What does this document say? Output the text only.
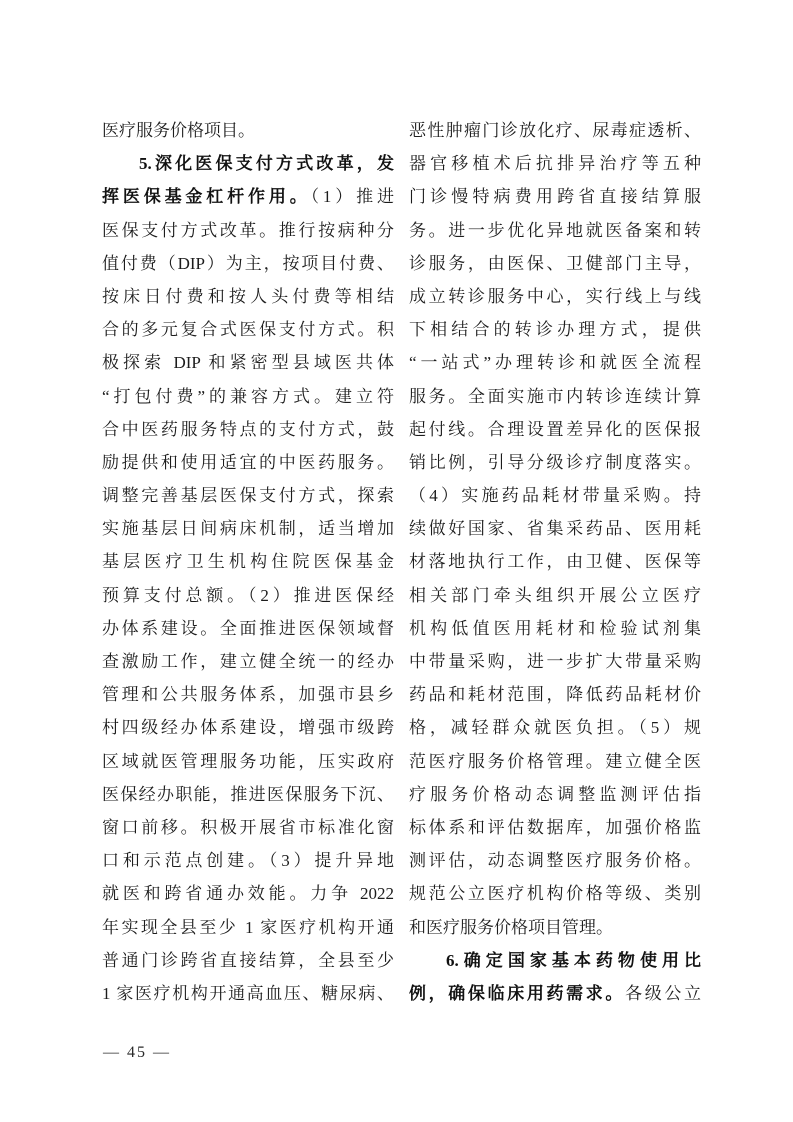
医疗服务价格项目。
5.深化医保支付方式改革，发
挥医保基金杠杆作用。（1）推进
医保支付方式改革。推行按病种分
值付费（DIP）为主，按项目付费、
按床日付费和按人头付费等相结
合的多元复合式医保支付方式。积
极探索 DIP 和紧密型县域医共体
“打包付费”的兼容方式。建立符
合中医药服务特点的支付方式，鼓
励提供和使用适宜的中医药服务。
调整完善基层医保支付方式，探索
实施基层日间病床机制，适当增加
基层医疗卫生机构住院医保基金
预算支付总额。（2）推进医保经
办体系建设。全面推进医保领域督
查激励工作，建立健全统一的经办
管理和公共服务体系，加强市县乡
村四级经办体系建设，增强市级跨
区域就医管理服务功能，压实政府
医保经办职能，推进医保服务下沉、
窗口前移。积极开展省市标准化窗
口和示范点创建。（3）提升异地
就医和跨省通办效能。力争 2022
年实现全县至少 1 家医疗机构开通
普通门诊跨省直接结算，全县至少
1 家医疗机构开通高血压、糖尿病、
恶性肿瘤门诊放化疗、尿毒症透析、
器官移植术后抗排异治疗等五种
门诊慢特病费用跨省直接结算服
务。进一步优化异地就医备案和转
诊服务，由医保、卫健部门主导，
成立转诊服务中心，实行线上与线
下相结合的转诊办理方式，提供
“一站式”办理转诊和就医全流程
服务。全面实施市内转诊连续计算
起付线。合理设置差异化的医保报
销比例，引导分级诊疗制度落实。
（4）实施药品耗材带量采购。持
续做好国家、省集采药品、医用耗
材落地执行工作，由卫健、医保等
相关部门牵头组织开展公立医疗
机构低值医用耗材和检验试剂集
中带量采购，进一步扩大带量采购
药品和耗材范围，降低药品耗材价
格，减轻群众就医负担。（5）规
范医疗服务价格管理。建立健全医
疗服务价格动态调整监测评估指
标体系和评估数据库，加强价格监
测评估，动态调整医疗服务价格。
规范公立医疗机构价格等级、类别
和医疗服务价格项目管理。
6.确定国家基本药物使用比
例，确保临床用药需求。各级公立
— 45 —
